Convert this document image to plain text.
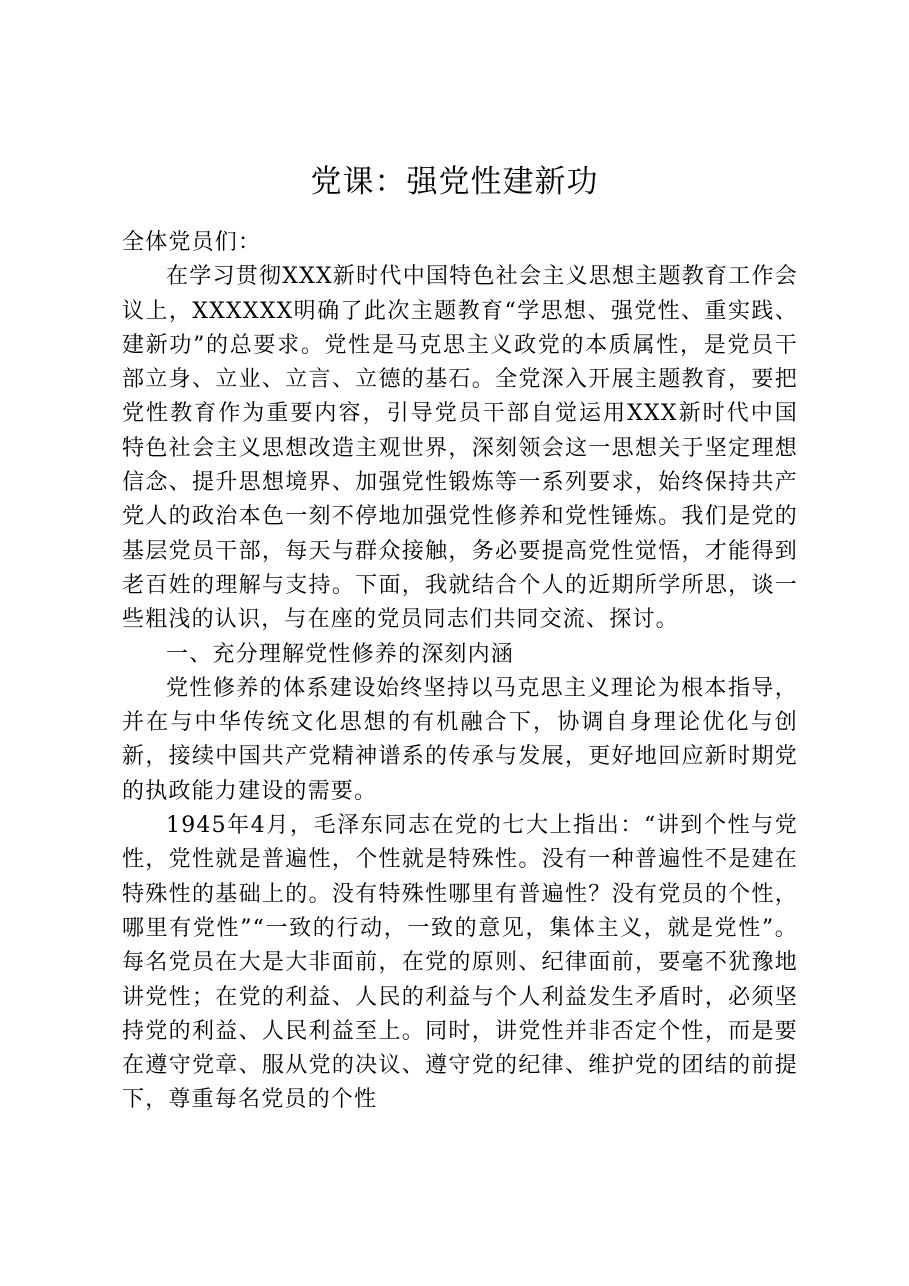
党课：强党性建新功

全体党员们：

在学习贯彻XXX新时代中国特色社会主义思想主题教育工作会议上，XXXXXX明确了此次主题教育“学思想、强党性、重实践、建新功”的总要求。党性是马克思主义政党的本质属性，是党员干部立身、立业、立言、立德的基石。全党深入开展主题教育，要把党性教育作为重要内容，引导党员干部自觉运用XXX新时代中国特色社会主义思想改造主观世界，深刻领会这一思想关于坚定理想信念、提升思想境界、加强党性锻炼等一系列要求，始终保持共产党人的政治本色一刻不停地加强党性修养和党性锤炼。我们是党的基层党员干部，每天与群众接触，务必要提高党性觉悟，才能得到老百姓的理解与支持。下面，我就结合个人的近期所学所思，谈一些粗浅的认识，与在座的党员同志们共同交流、探讨。

一、充分理解党性修养的深刻内涵

党性修养的体系建设始终坚持以马克思主义理论为根本指导，并在与中华传统文化思想的有机融合下，协调自身理论优化与创新，接续中国共产党精神谱系的传承与发展，更好地回应新时期党的执政能力建设的需要。

1945年4月，毛泽东同志在党的七大上指出：“讲到个性与党性，党性就是普遍性，个性就是特殊性。没有一种普遍性不是建在特殊性的基础上的。没有特殊性哪里有普遍性？没有党员的个性，哪里有党性”“一致的行动，一致的意见，集体主义，就是党性”。每名党员在大是大非面前，在党的原则、纪律面前，要毫不犹豫地讲党性；在党的利益、人民的利益与个人利益发生矛盾时，必须坚持党的利益、人民利益至上。同时，讲党性并非否定个性，而是要在遵守党章、服从党的决议、遵守党的纪律、维护党的团结的前提下，尊重每名党员的个性
